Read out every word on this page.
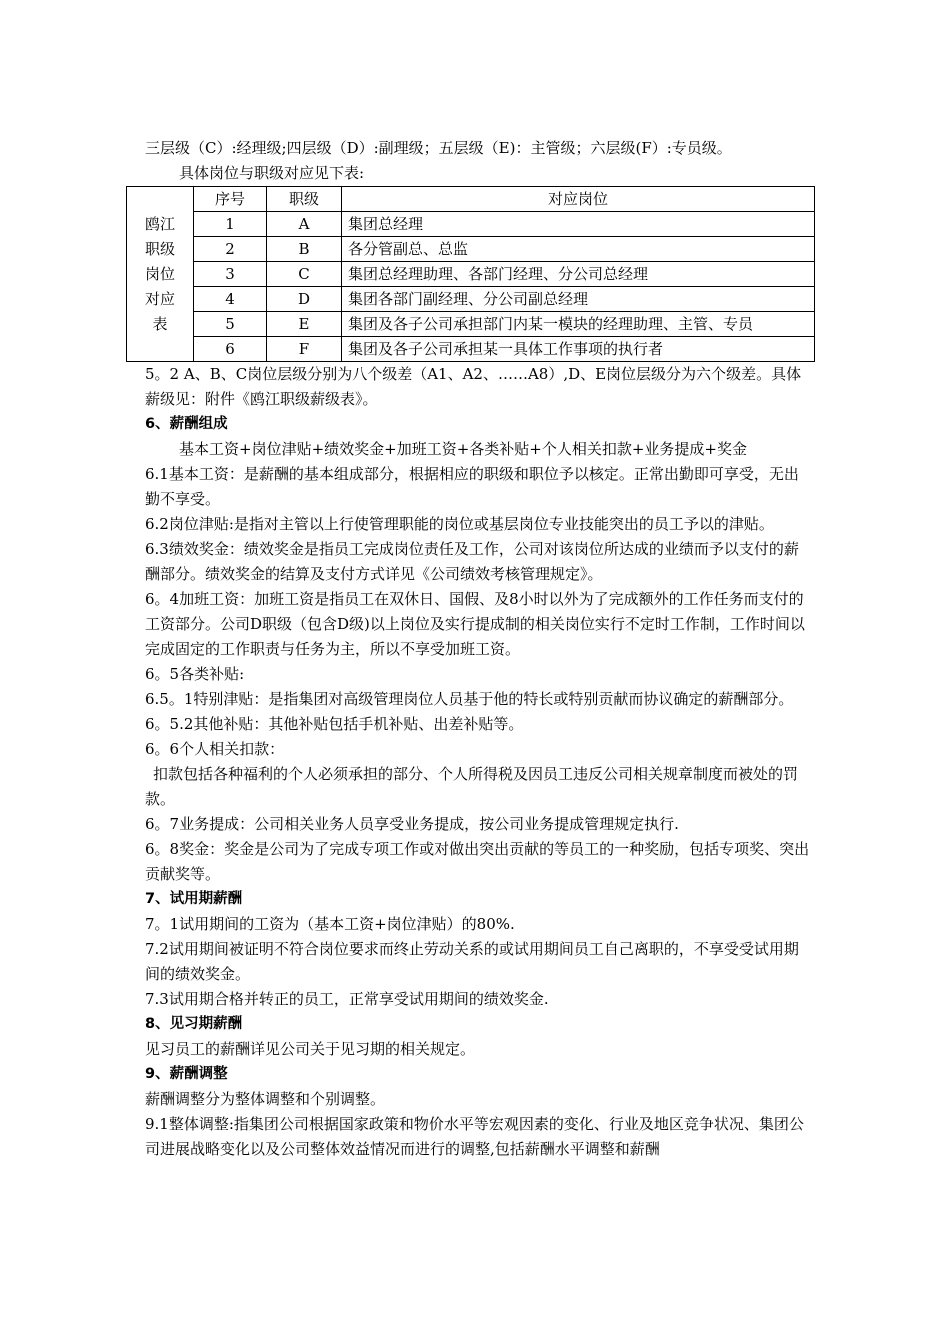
三层级（C）:经理级;四层级（D）:副理级；五层级（E)：主管级；六层级(F）:专员级。

具体岗位与职级对应见下表:

鸥江
职级
岗位
对应
表	序号	职级	对应岗位
	1	A	集团总经理
	2	B	各分管副总、总监
	3	C	集团总经理助理、各部门经理、分公司总经理
	4	D	集团各部门副经理、分公司副总经理
	5	E	集团及各子公司承担部门内某一模块的经理助理、主管、专员
	6	F	集团及各子公司承担某一具体工作事项的执行者

5。2 A、B、C岗位层级分别为八个级差（A1、A2、……A8）,D、E岗位层级分为六个级差。具体薪级见：附件《鸥江职级薪级表》。

6、薪酬组成

基本工资+岗位津贴+绩效奖金+加班工资+各类补贴+个人相关扣款+业务提成+奖金

6.1基本工资：是薪酬的基本组成部分，根据相应的职级和职位予以核定。正常出勤即可享受，无出勤不享受。

6.2岗位津贴:是指对主管以上行使管理职能的岗位或基层岗位专业技能突出的员工予以的津贴。

6.3绩效奖金：绩效奖金是指员工完成岗位责任及工作，公司对该岗位所达成的业绩而予以支付的薪酬部分。绩效奖金的结算及支付方式详见《公司绩效考核管理规定》。

6。4加班工资：加班工资是指员工在双休日、国假、及8小时以外为了完成额外的工作任务而支付的工资部分。公司D职级（包含D级)以上岗位及实行提成制的相关岗位实行不定时工作制，工作时间以完成固定的工作职责与任务为主，所以不享受加班工资。

6。5各类补贴:

6.5。1特别津贴：是指集团对高级管理岗位人员基于他的特长或特别贡献而协议确定的薪酬部分。

6。5.2其他补贴：其他补贴包括手机补贴、出差补贴等。

6。6个人相关扣款：

扣款包括各种福利的个人必须承担的部分、个人所得税及因员工违反公司相关规章制度而被处的罚款。

6。7业务提成：公司相关业务人员享受业务提成，按公司业务提成管理规定执行.

6。8奖金：奖金是公司为了完成专项工作或对做出突出贡献的等员工的一种奖励，包括专项奖、突出贡献奖等。

7、试用期薪酬

7。1试用期间的工资为（基本工资+岗位津贴）的80%.

7.2试用期间被证明不符合岗位要求而终止劳动关系的或试用期间员工自己离职的，不享受受试用期间的绩效奖金。

7.3试用期合格并转正的员工，正常享受试用期间的绩效奖金.

8、见习期薪酬

见习员工的薪酬详见公司关于见习期的相关规定。

9、薪酬调整

薪酬调整分为整体调整和个别调整。

9.1整体调整:指集团公司根据国家政策和物价水平等宏观因素的变化、行业及地区竞争状况、集团公司进展战略变化以及公司整体效益情况而进行的调整,包括薪酬水平调整和薪酬
